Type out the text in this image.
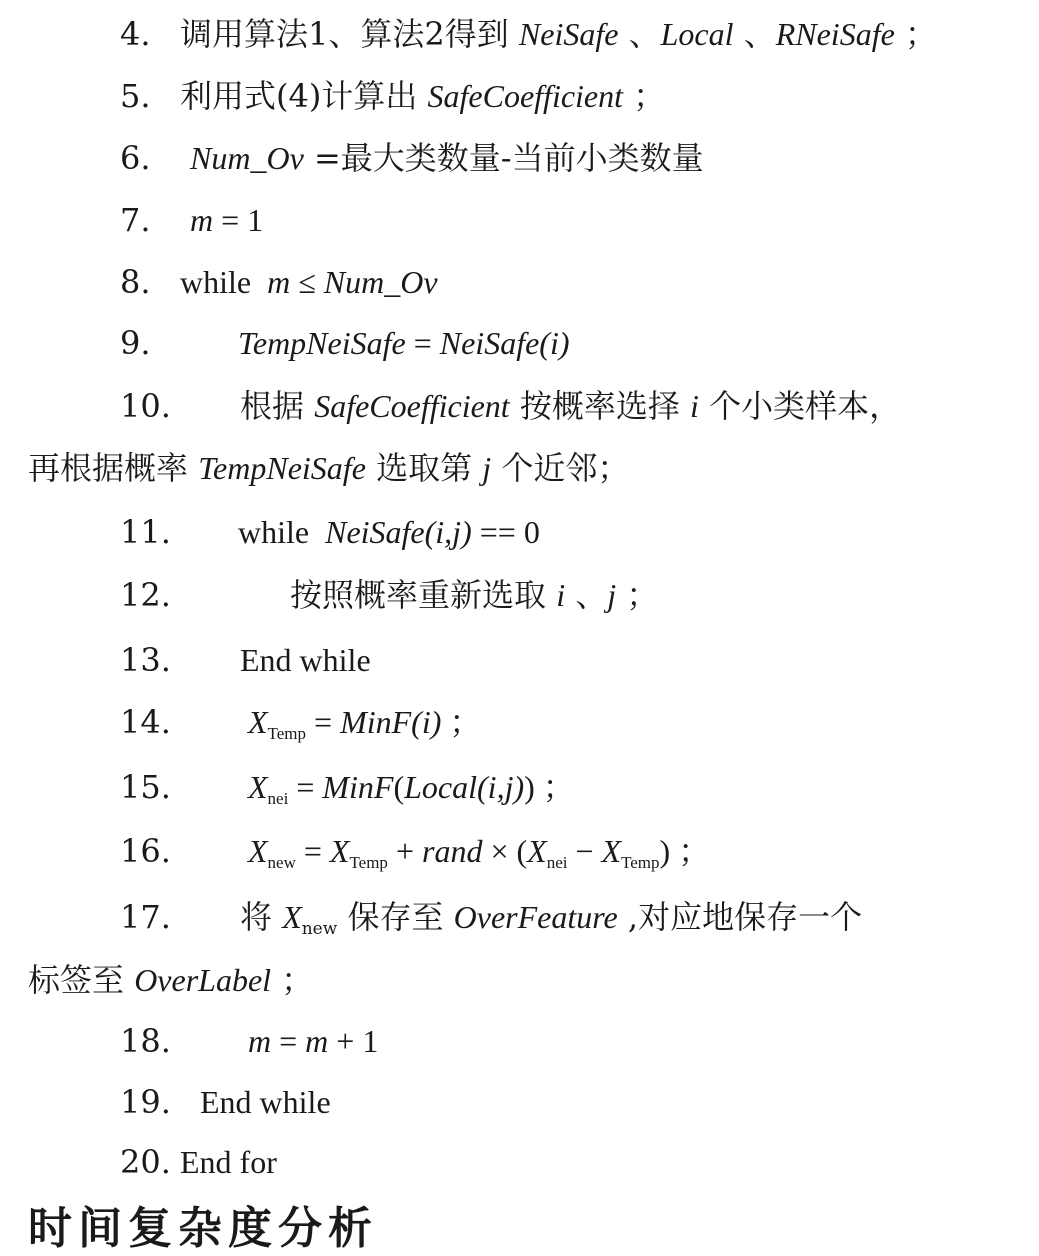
4. 调用算法1、算法2得到 NeiSafe 、Local 、RNeiSafe ；
5. 利用式(4)计算出 SafeCoefficient ；
6. Num_Ov =最大类数量-当前小类数量
7. m = 1
8. while m ≤ Num_Ov
9.	TempNeiSafe = NeiSafe(i)
10. 根据 SafeCoefficient 按概率选择 i 个小类样本，
再根据概率 TempNeiSafe 选取第 j 个近邻；
11. while NeiSafe(i,j) == 0
12.	按照概率重新选取 i 、j ；
13. End while
14. $X_{Temp}$ = MinF(i) ；
15. $X_{nei}$ = MinF(Local(i,j)) ；
16. $X_{new} = X_{Temp}$ + rand × $(X_{nei} - X_{Temp})$ ；
17. 将 $X_{new}$ 保存至 OverFeature ,对应地保存一个
标签至 OverLabel ；
18. m = m + 1
19. End while
20. End for
时间复杂度分析
